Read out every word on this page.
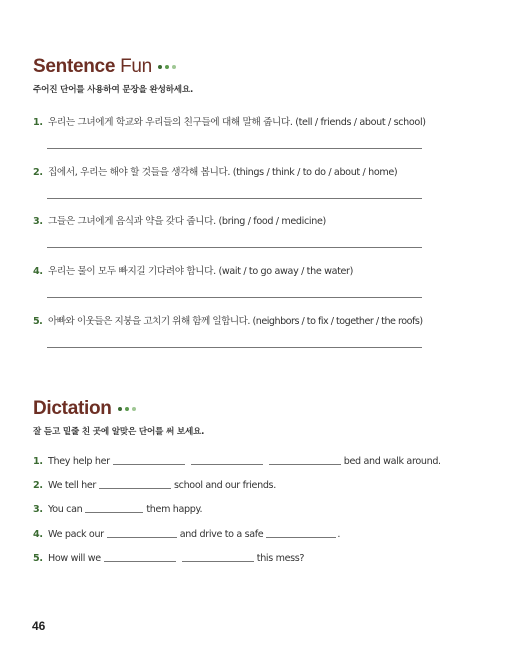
Sentence Fun
주어진 단어를 사용하여 문장을 완성하세요.
1. 우리는 그녀에게 학교와 우리들의 친구들에 대해 말해 줍니다. (tell / friends / about / school)
2. 집에서, 우리는 해야 할 것들을 생각해 봅니다. (things / think / to do / about / home)
3. 그들은 그녀에게 음식과 약을 갖다 줍니다. (bring / food / medicine)
4. 우리는 물이 모두 빠지길 기다려야 합니다. (wait / to go away / the water)
5. 아빠와 이웃들은 지붕을 고치기 위해 함께 일합니다. (neighbors / to fix / together / the roofs)
Dictation
잘 듣고 밑줄 친 곳에 알맞은 단어를 써 보세요.
1. They help her	bed and walk around.
2. We tell her	school and our friends.
3. You can	them happy.
4. We pack our	and drive to a safe	.
5. How will we	this mess?
46
